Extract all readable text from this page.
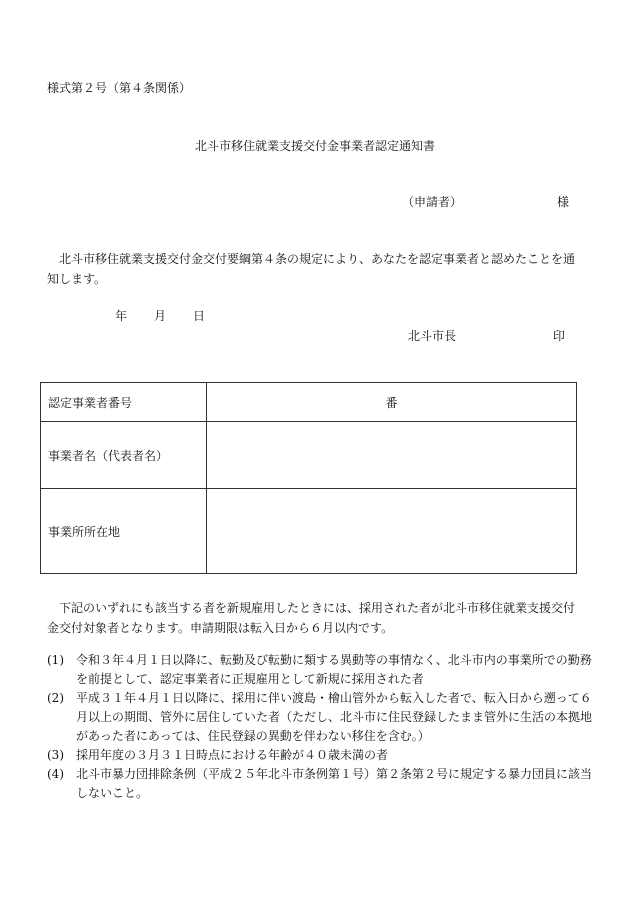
様式第２号（第４条関係）
北斗市移住就業支援交付金事業者認定通知書
（申請者）	様
北斗市移住就業支援交付金交付要綱第４条の規定により、あなたを認定事業者と認めたことを通知します。
年 月 日
北斗市長	印
認定事業者番号	番
事業者名（代表者名）	
事業所所在地	
下記のいずれにも該当する者を新規雇用したときには、採用された者が北斗市移住就業支援交付金交付対象者となります。申請期限は転入日から６月以内です。
(1)	令和３年４月１日以降に、転勤及び転勤に類する異動等の事情なく、北斗市内の事業所での勤務を前提として、認定事業者に正規雇用として新規に採用された者
(2)	平成３１年４月１日以降に、採用に伴い渡島・檜山管外から転入した者で、転入日から遡って６月以上の期間、管外に居住していた者（ただし、北斗市に住民登録したまま管外に生活の本拠地があった者にあっては、住民登録の異動を伴わない移住を含む。）
(3)	採用年度の３月３１日時点における年齢が４０歳未満の者
(4)	北斗市暴力団排除条例（平成２５年北斗市条例第１号）第２条第２号に規定する暴力団員に該当しないこと。
